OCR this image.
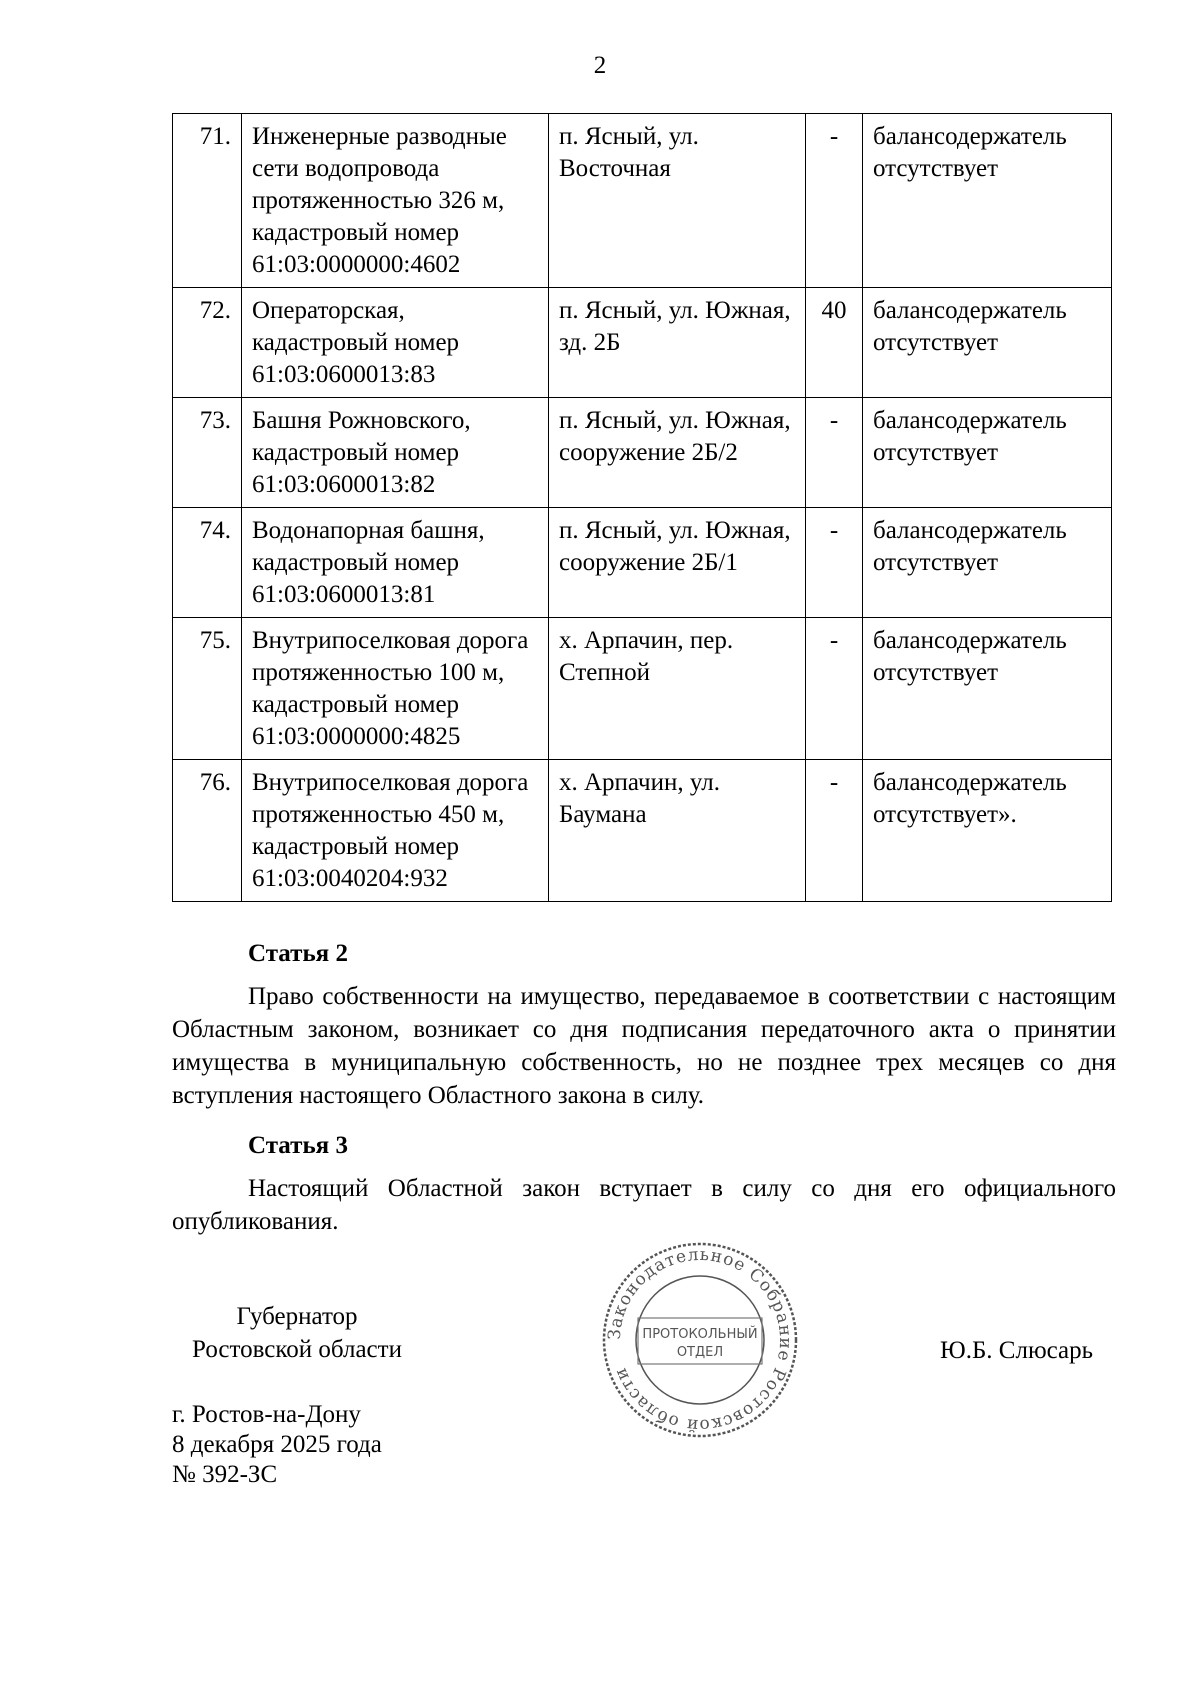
2
71.	Инженерные разводные сети водопровода протяженностью 326 м, кадастровый номер 61:03:0000000:4602	п. Ясный, ул. Восточная	-	балансодержатель отсутствует
72.	Операторская, кадастровый номер 61:03:0600013:83	п. Ясный, ул. Южная, зд. 2Б	40	балансодержатель отсутствует
73.	Башня Рожновского, кадастровый номер 61:03:0600013:82	п. Ясный, ул. Южная, сооружение 2Б/2	-	балансодержатель отсутствует
74.	Водонапорная башня, кадастровый номер 61:03:0600013:81	п. Ясный, ул. Южная, сооружение 2Б/1	-	балансодержатель отсутствует
75.	Внутрипоселковая дорога протяженностью 100 м, кадастровый номер 61:03:0000000:4825	х. Арпачин, пер. Степной	-	балансодержатель отсутствует
76.	Внутрипоселковая дорога протяженностью 450 м, кадастровый номер 61:03:0040204:932	х. Арпачин, ул. Баумана	-	балансодержатель отсутствует».
Статья 2
Право собственности на имущество, передаваемое в соответствии с настоящим Областным законом, возникает со дня подписания передаточного акта о принятии имущества в муниципальную собственность, но не позднее трех месяцев со дня вступления настоящего Областного закона в силу.
Статья 3
Настоящий Областной закон вступает в силу со дня его официального опубликования.
Губернатор
Ростовской области
Законодательное Собрание Ростовской области
ПРОТОКОЛЬНЫЙ
ОТДЕЛ	Ю.Б. Слюсарь
г. Ростов-на-Дону
8 декабря 2025 года
№ 392-ЗС
